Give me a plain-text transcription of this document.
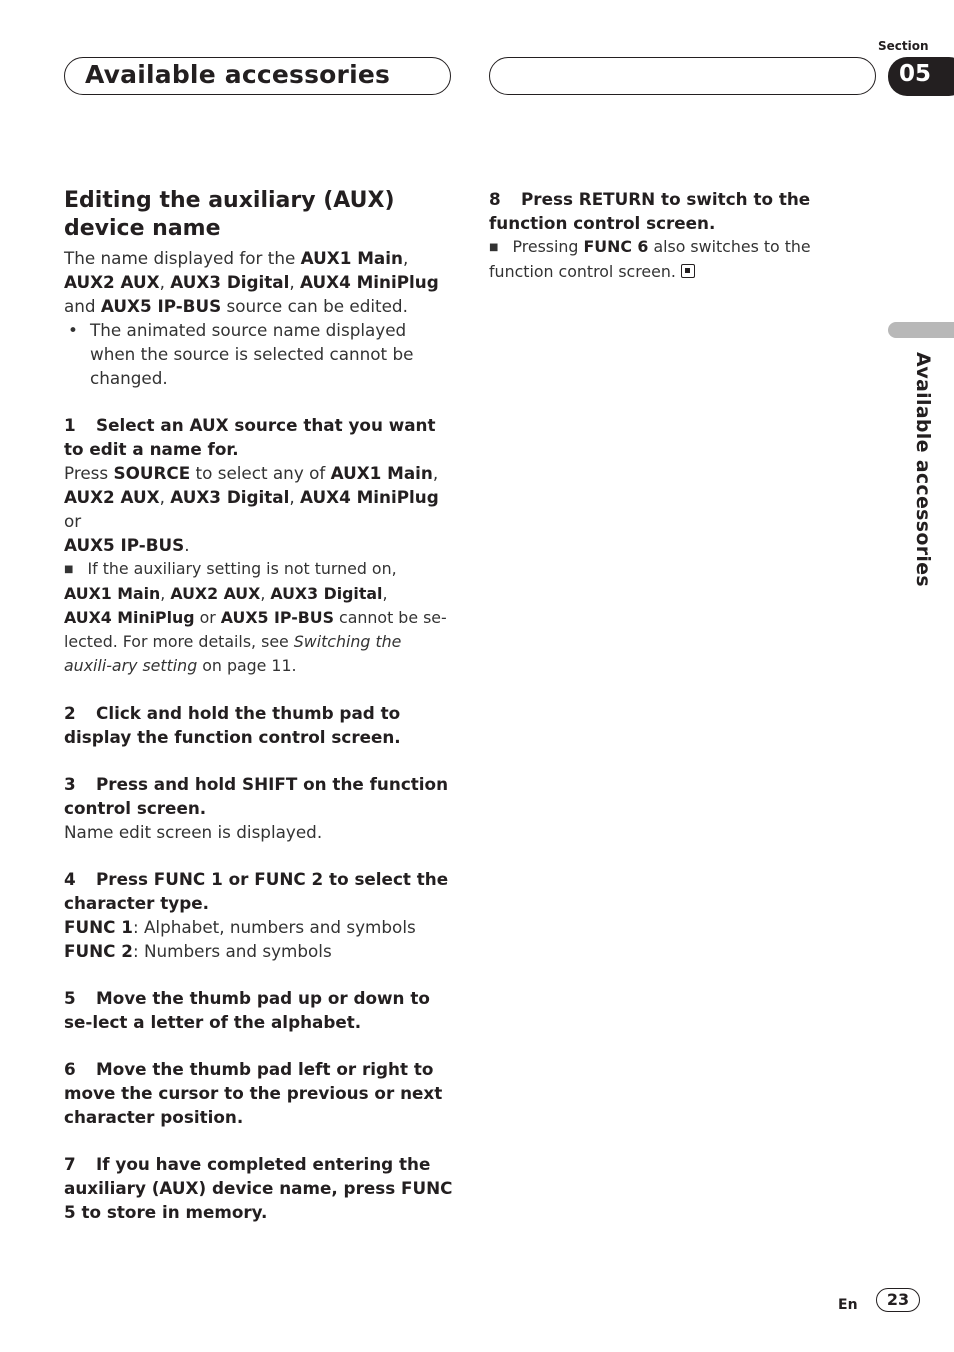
Available accessories
Section
05
Available accessories
Editing the auxiliary (AUX) device name

The name displayed for the AUX1 Main,
AUX2 AUX, AUX3 Digital, AUX4 MiniPlug
and AUX5 IP-BUS source can be edited.

• The animated source name displayed when the source is selected cannot be changed.
1 Select an AUX source that you want to edit a name for.

Press SOURCE to select any of AUX1 Main,
AUX2 AUX, AUX3 Digital, AUX4 MiniPlug or
AUX5 IP-BUS.

■ If the auxiliary setting is not turned on,
AUX1 Main, AUX2 AUX, AUX3 Digital,
AUX4 MiniPlug or AUX5 IP-BUS cannot be se-
lected. For more details, see Switching the auxili-ary setting on page 11.

2 Click and hold the thumb pad to display the function control screen.
3 Press and hold SHIFT on the function control screen.

Name edit screen is displayed.

4 Press FUNC 1 or FUNC 2 to select the character type.

FUNC 1: Alphabet, numbers and symbols

FUNC 2: Numbers and symbols

5 Move the thumb pad up or down to se-lect a letter of the alphabet.
6 Move the thumb pad left or right to move the cursor to the previous or next character position.
7 If you have completed entering the auxiliary (AUX) device name, press FUNC 5 to store in memory.
8 Press RETURN to switch to the function control screen.

■ Pressing FUNC 6 also switches to the function control screen.

En	23
